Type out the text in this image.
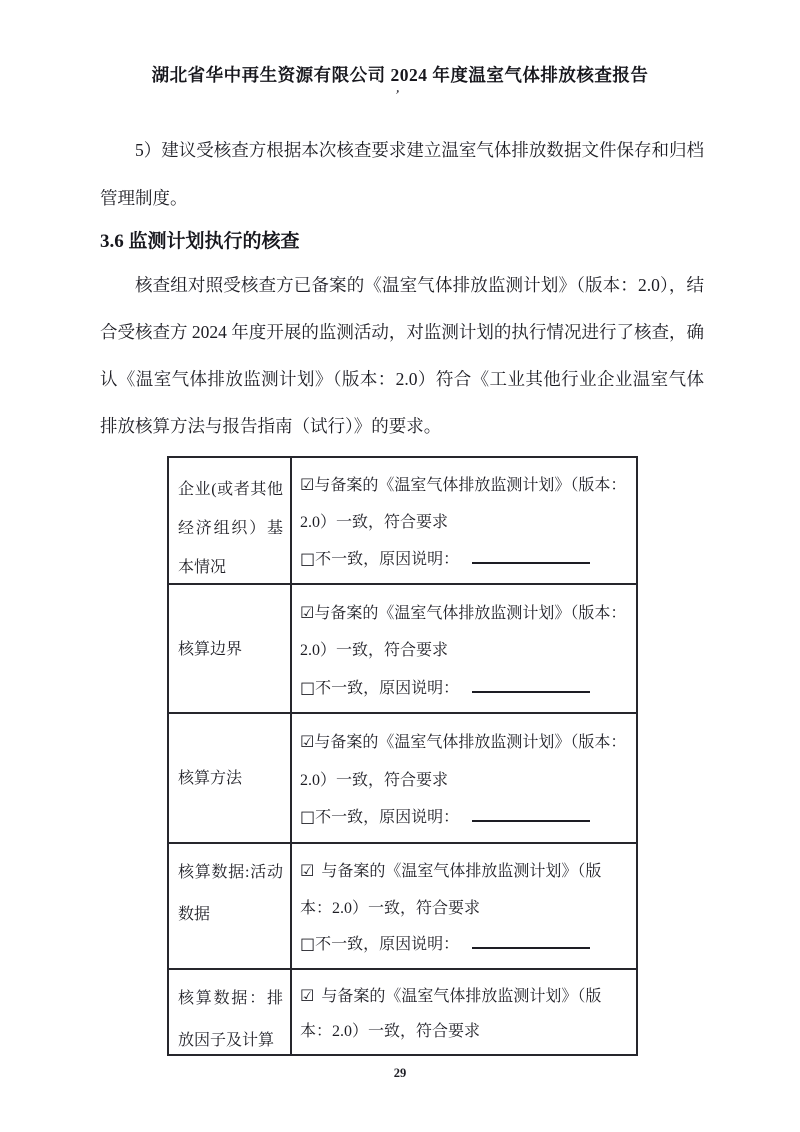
湖北省华中再生资源有限公司 2024 年度温室气体排放核查报告
’
5）建议受核查方根据本次核查要求建立温室气体排放数据文件保存和归档管理制度。
3.6 监测计划执行的核查
核查组对照受核查方已备案的《温室气体排放监测计划》（版本：2.0），结合受核查方 2024 年度开展的监测活动，对监测计划的执行情况进行了核查，确认《温室气体排放监测计划》（版本：2.0）符合《工业其他行业企业温室气体排放核算方法与报告指南（试行）》的要求。
企业(或者其他经济组织）基本情况
☑与备案的《温室气体排放监测计划》（版本：
2.0）一致，符合要求
□不一致，原因说明：
核算边界
☑与备案的《温室气体排放监测计划》（版本：
2.0）一致，符合要求
□不一致，原因说明：
核算方法
☑与备案的《温室气体排放监测计划》（版本：
2.0）一致，符合要求
□不一致，原因说明：
核算数据:活动数据
☑ 与备案的《温室气体排放监测计划》（版
本：2.0）一致，符合要求
□不一致，原因说明：
核算数据：排放因子及计算
☑ 与备案的《温室气体排放监测计划》（版
本：2.0）一致，符合要求
29
